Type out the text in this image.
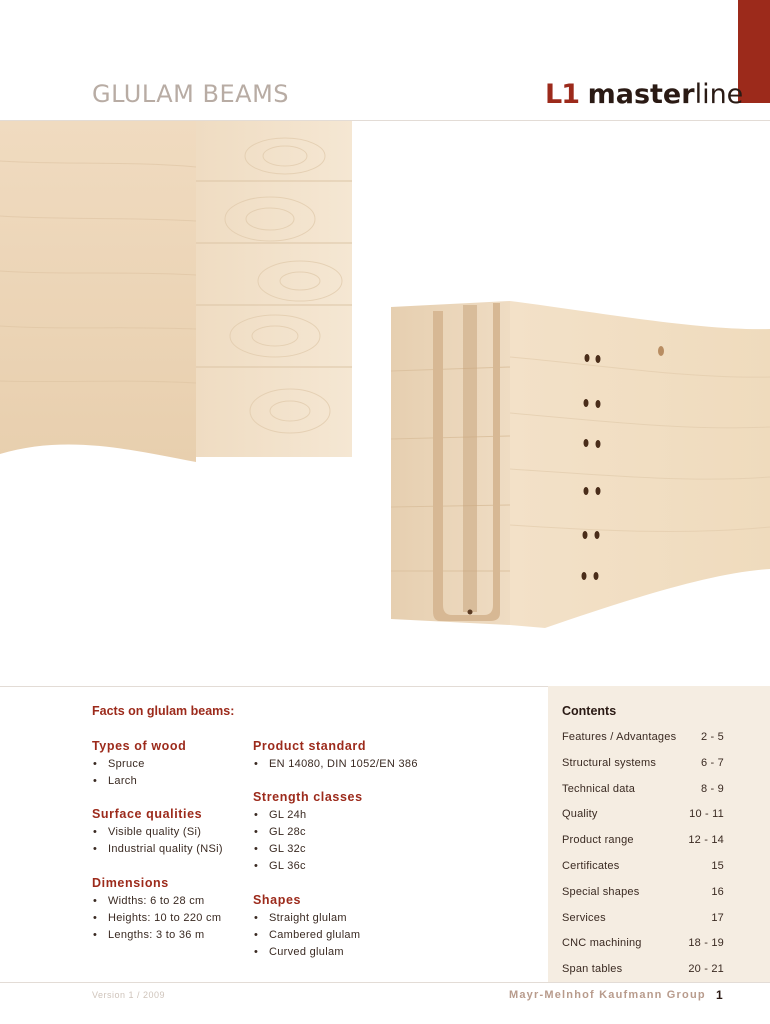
GLULAM BEAMS	L1 masterline
Facts on glulam beams:
Types of wood
• Spruce
• Larch
Surface qualities
• Visible quality (Si)
• Industrial quality (NSi)
Dimensions
• Widths: 6 to 28 cm
• Heights: 10 to 220 cm
• Lengths: 3 to 36 m
Product standard
• EN 14080, DIN 1052/EN 386
Strength classes
• GL 24h
• GL 28c
• GL 32c
• GL 36c
Shapes
• Straight glulam
• Cambered glulam
• Curved glulam
Contents
Features / Advantages 2 - 5
Structural systems	6 - 7
Technical data	8 - 9
Quality	10 - 11
Product range	12 - 14
Certificates	15
Special shapes	16
Services	17
CNC machining	18 - 19
Span tables	20 - 21
Version 1 / 2009	Mayr-Melnhof Kaufmann Group 1
